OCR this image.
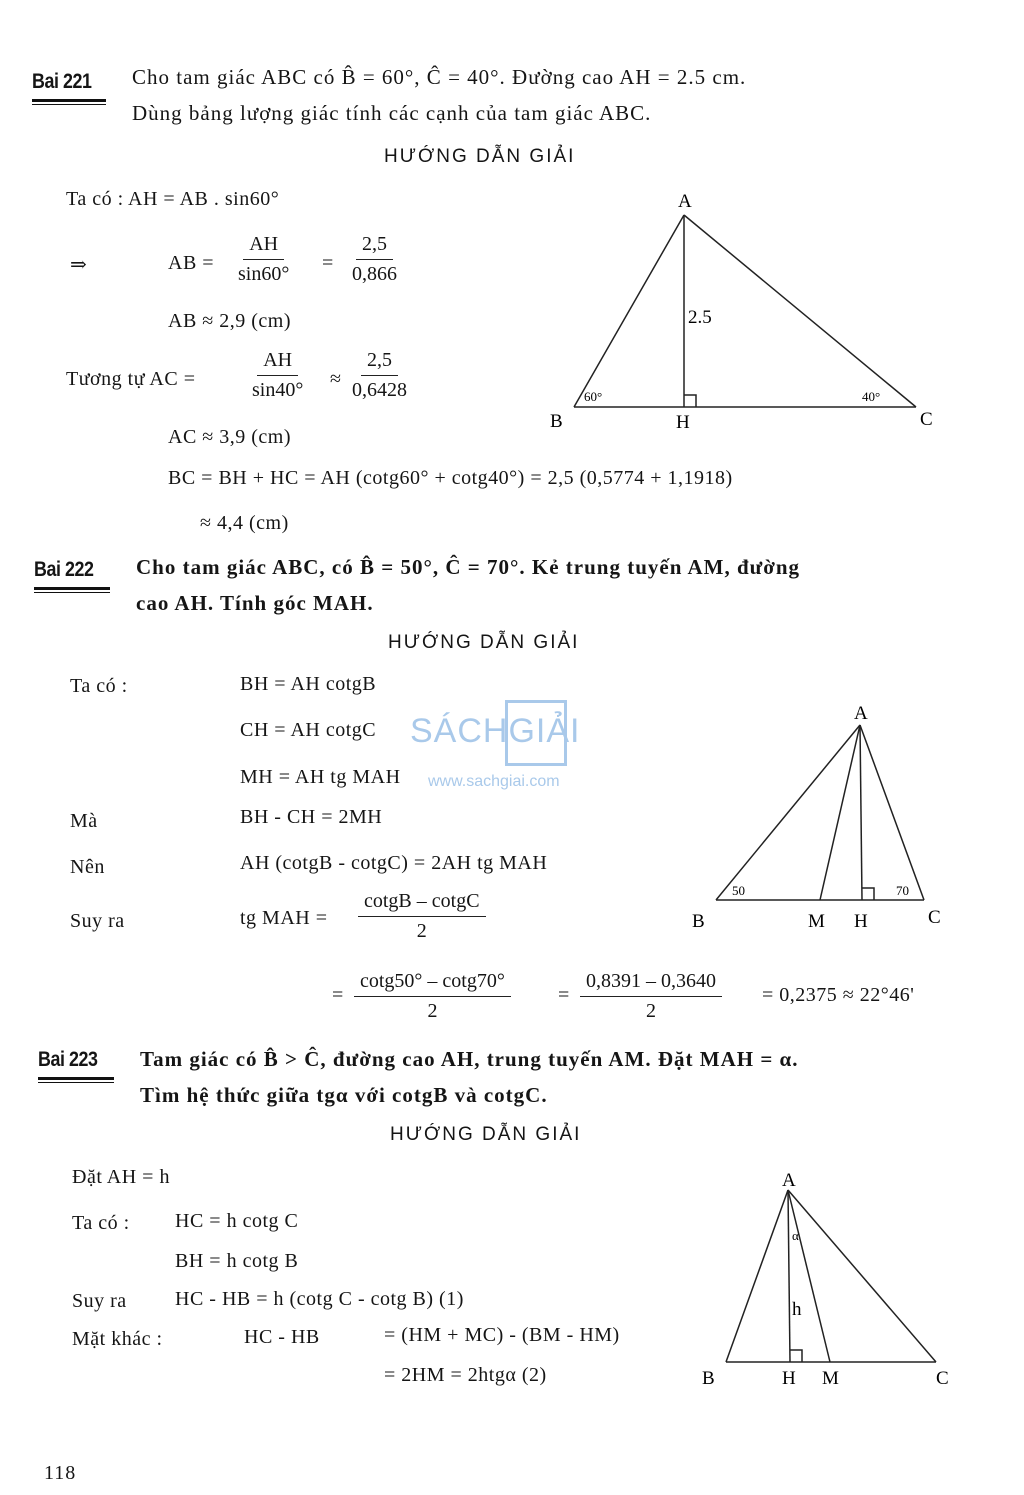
Bai 221 Cho tam giác ABC có B̂ = 60°, Ĉ = 40°. Đường cao AH = 2.5 cm.
Dùng bảng lượng giác tính các cạnh của tam giác ABC.
HƯỚNG DẪN GIẢI
Ta có : AH = AB . sin60°
⇒	AB = $\frac{AH}{\sin 60^\circ} = \frac{2,5}{0,866}$
AB ≈ 2,9 (cm)
Tương tự AC =	$\frac{AH}{\sin 40^\circ} \approx \frac{2,5}{0,6428}$
AC ≈ 3,9 (cm)
BC = BH + HC = AH (cotg60° + cotg40°) = 2,5 (0,5774 + 1,1918)
≈ 4,4 (cm)
A
B	C
H
2.5
60°	40°
Bai 222 Cho tam giác ABC, có B̂ = 50°, Ĉ = 70°. Kẻ trung tuyến AM, đường
cao AH. Tính góc MAH.
HƯỚNG DẪN GIẢI
Ta có :	BH = AH cotgB
CH = AH cotgC
MH = AH tg MAH
Mà	BH - CH = 2MH
Nên	AH (cotgB - cotgC) = 2AH tg MAH
Suy ra	tg MAH = $\frac{\text{cotgB – cotgC}}{2}$
= $\frac{\cot g50^\circ - \cot g70^\circ}{2} = \frac{0,8391 - 0,3640}{2} = 0,2375 \approx 22^\circ 46'$
A
B	C
M H
50	70
SÁCHGIẢI
www.sachgiai.com
Bai 223 Tam giác có B̂ > Ĉ, đường cao AH, trung tuyến AM. Đặt MAH = α.
Tìm hệ thức giữa tgα với cotgB và cotgC.
HƯỚNG DẪN GIẢI
Đặt AH = h
Ta có : HC = h cotg C
BH = h cotg B
Suy ra HC - HB = h (cotg C - cotg B) (1)
Mặt khác :	HC - HB	= (HM + MC) - (BM - HM)
= 2HM = 2htgα (2)
A
B	C
H M
h
α
118
